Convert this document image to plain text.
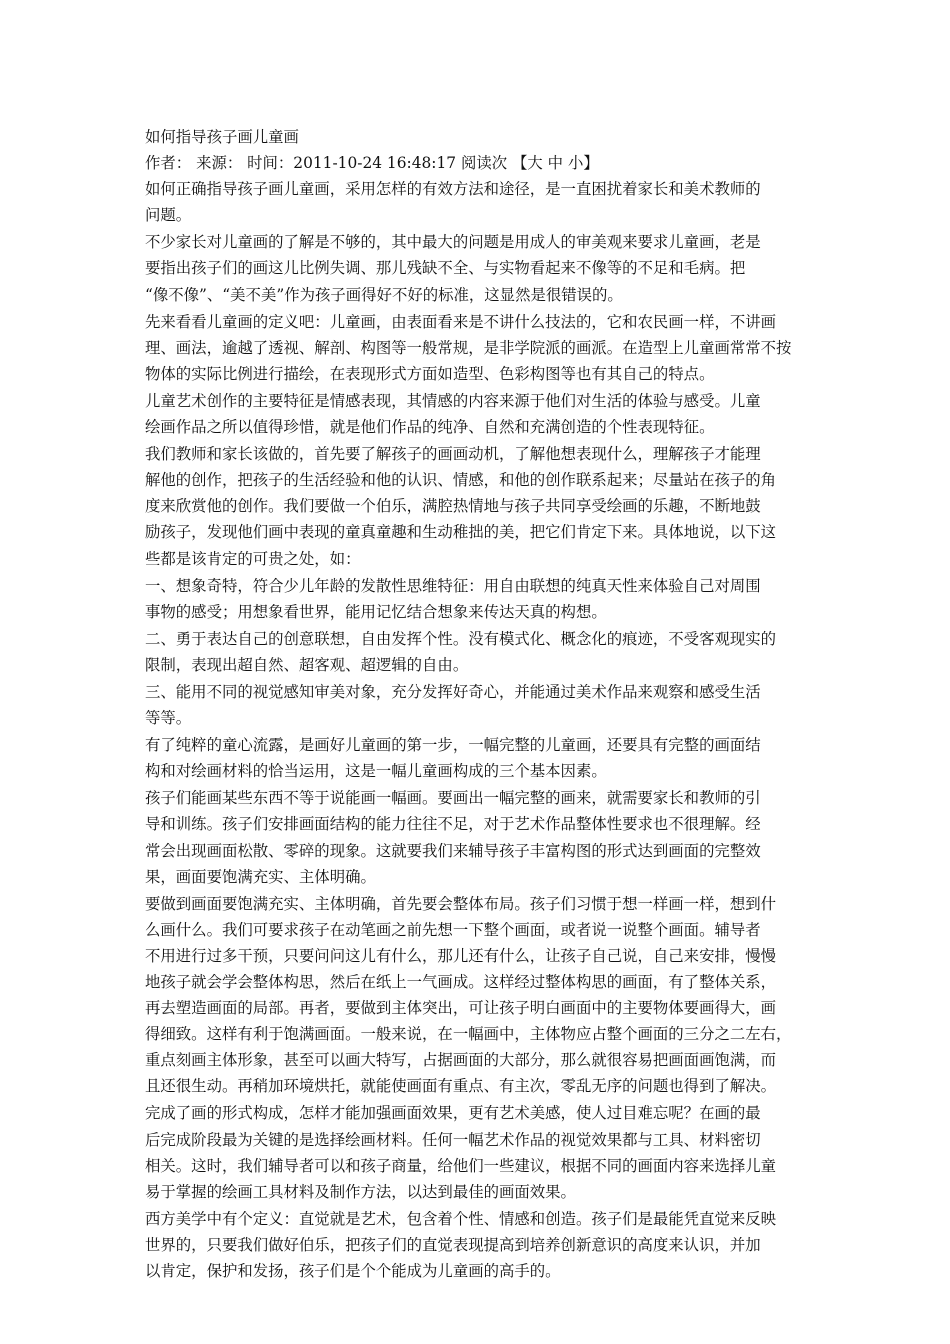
如何指导孩子画儿童画
作者： 来源： 时间：2011-10-24 16:48:17 阅读次 【大 中 小】
如何正确指导孩子画儿童画，采用怎样的有效方法和途径，是一直困扰着家长和美术教师的
问题。
不少家长对儿童画的了解是不够的，其中最大的问题是用成人的审美观来要求儿童画，老是
要指出孩子们的画这儿比例失调、那儿残缺不全、与实物看起来不像等的不足和毛病。把
“像不像”、“美不美”作为孩子画得好不好的标准，这显然是很错误的。
先来看看儿童画的定义吧：儿童画，由表面看来是不讲什么技法的，它和农民画一样，不讲画
理、画法，逾越了透视、解剖、构图等一般常规，是非学院派的画派。在造型上儿童画常常不按
物体的实际比例进行描绘，在表现形式方面如造型、色彩构图等也有其自己的特点。
儿童艺术创作的主要特征是情感表现，其情感的内容来源于他们对生活的体验与感受。儿童
绘画作品之所以值得珍惜，就是他们作品的纯净、自然和充满创造的个性表现特征。
我们教师和家长该做的，首先要了解孩子的画画动机，了解他想表现什么，理解孩子才能理
解他的创作，把孩子的生活经验和他的认识、情感，和他的创作联系起来；尽量站在孩子的角
度来欣赏他的创作。我们要做一个伯乐，满腔热情地与孩子共同享受绘画的乐趣，不断地鼓
励孩子，发现他们画中表现的童真童趣和生动稚拙的美，把它们肯定下来。具体地说，以下这
些都是该肯定的可贵之处，如：
一、想象奇特，符合少儿年龄的发散性思维特征：用自由联想的纯真天性来体验自己对周围
事物的感受；用想象看世界，能用记忆结合想象来传达天真的构想。
二、勇于表达自己的创意联想，自由发挥个性。没有模式化、概念化的痕迹，不受客观现实的
限制，表现出超自然、超客观、超逻辑的自由。
三、能用不同的视觉感知审美对象，充分发挥好奇心，并能通过美术作品来观察和感受生活
等等。
有了纯粹的童心流露，是画好儿童画的第一步，一幅完整的儿童画，还要具有完整的画面结
构和对绘画材料的恰当运用，这是一幅儿童画构成的三个基本因素。
孩子们能画某些东西不等于说能画一幅画。要画出一幅完整的画来，就需要家长和教师的引
导和训练。孩子们安排画面结构的能力往往不足，对于艺术作品整体性要求也不很理解。经
常会出现画面松散、零碎的现象。这就要我们来辅导孩子丰富构图的形式达到画面的完整效
果，画面要饱满充实、主体明确。
要做到画面要饱满充实、主体明确，首先要会整体布局。孩子们习惯于想一样画一样，想到什
么画什么。我们可要求孩子在动笔画之前先想一下整个画面，或者说一说整个画面。辅导者
不用进行过多干预，只要问问这儿有什么，那儿还有什么，让孩子自己说，自己来安排，慢慢
地孩子就会学会整体构思，然后在纸上一气画成。这样经过整体构思的画面，有了整体关系，
再去塑造画面的局部。再者，要做到主体突出，可让孩子明白画面中的主要物体要画得大，画
得细致。这样有利于饱满画面。一般来说，在一幅画中，主体物应占整个画面的三分之二左右，
重点刻画主体形象，甚至可以画大特写，占据画面的大部分，那么就很容易把画面画饱满，而
且还很生动。再稍加环境烘托，就能使画面有重点、有主次，零乱无序的问题也得到了解决。
完成了画的形式构成，怎样才能加强画面效果，更有艺术美感，使人过目难忘呢？在画的最
后完成阶段最为关键的是选择绘画材料。任何一幅艺术作品的视觉效果都与工具、材料密切
相关。这时，我们辅导者可以和孩子商量，给他们一些建议，根据不同的画面内容来选择儿童
易于掌握的绘画工具材料及制作方法，以达到最佳的画面效果。
西方美学中有个定义：直觉就是艺术，包含着个性、情感和创造。孩子们是最能凭直觉来反映
世界的，只要我们做好伯乐，把孩子们的直觉表现提高到培养创新意识的高度来认识，并加
以肯定，保护和发扬，孩子们是个个能成为儿童画的高手的。
